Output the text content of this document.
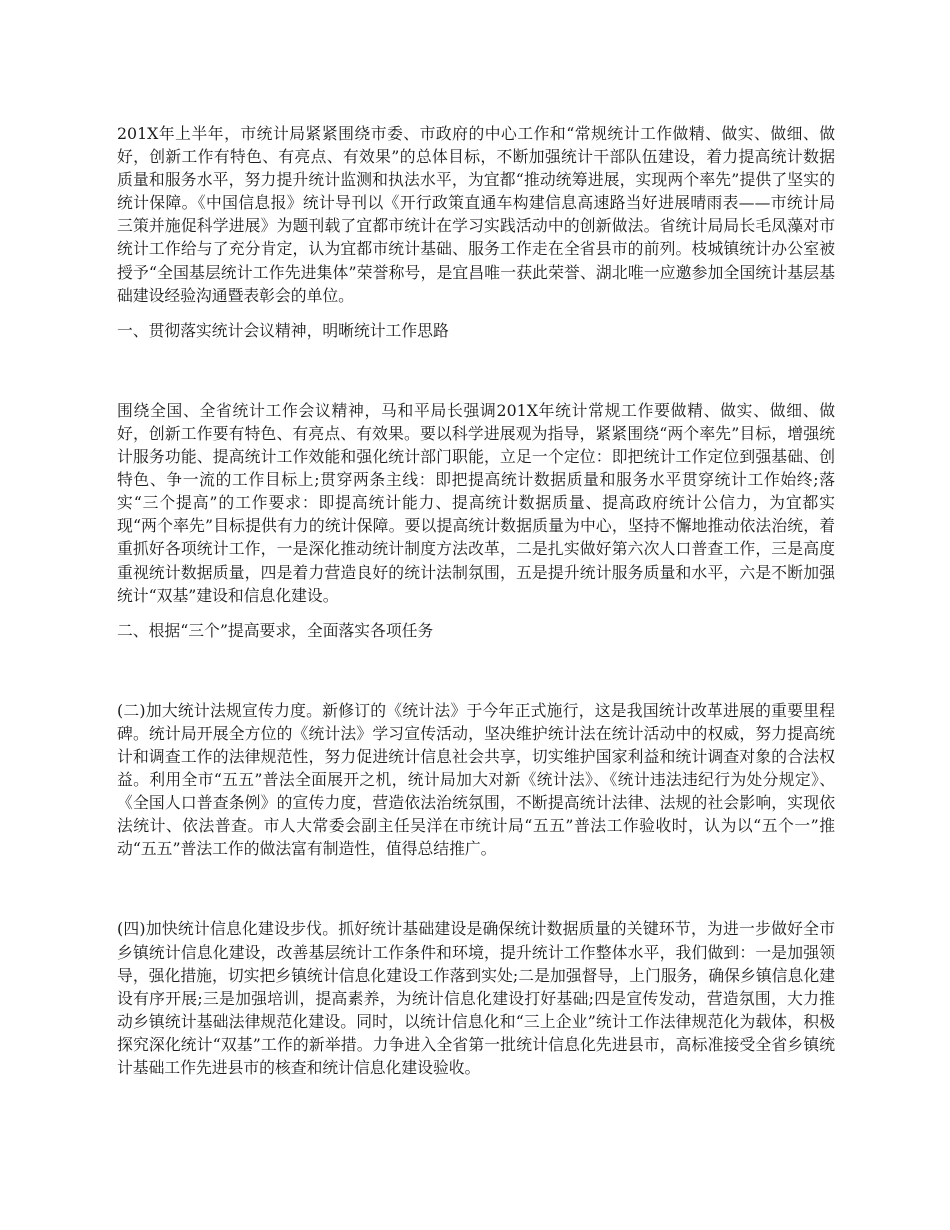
201X年上半年，市统计局紧紧围绕市委、市政府的中心工作和“常规统计工作做精、做实、做细、做好，创新工作有特色、有亮点、有效果”的总体目标，不断加强统计干部队伍建设，着力提高统计数据质量和服务水平，努力提升统计监测和执法水平，为宜都“推动统筹进展，实现两个率先”提供了坚实的统计保障。《中国信息报》统计导刊以《开行政策直通车构建信息高速路当好进展晴雨表——市统计局三策并施促科学进展》为题刊载了宜都市统计在学习实践活动中的创新做法。省统计局局长毛凤藻对市统计工作给与了充分肯定，认为宜都市统计基础、服务工作走在全省县市的前列。枝城镇统计办公室被授予“全国基层统计工作先进集体”荣誉称号，是宜昌唯一获此荣誉、湖北唯一应邀参加全国统计基层基础建设经验沟通暨表彰会的单位。

一、贯彻落实统计会议精神，明晰统计工作思路

围绕全国、全省统计工作会议精神，马和平局长强调201X年统计常规工作要做精、做实、做细、做好，创新工作要有特色、有亮点、有效果。要以科学进展观为指导，紧紧围绕“两个率先”目标，增强统计服务功能、提高统计工作效能和强化统计部门职能，立足一个定位：即把统计工作定位到强基础、创特色、争一流的工作目标上;贯穿两条主线：即把提高统计数据质量和服务水平贯穿统计工作始终;落实“三个提高”的工作要求：即提高统计能力、提高统计数据质量、提高政府统计公信力，为宜都实现“两个率先”目标提供有力的统计保障。要以提高统计数据质量为中心，坚持不懈地推动依法治统，着重抓好各项统计工作，一是深化推动统计制度方法改革，二是扎实做好第六次人口普查工作，三是高度重视统计数据质量，四是着力营造良好的统计法制氛围，五是提升统计服务质量和水平，六是不断加强统计“双基”建设和信息化建设。

二、根据“三个”提高要求，全面落实各项任务

(二)加大统计法规宣传力度。新修订的《统计法》于今年正式施行，这是我国统计改革进展的重要里程碑。统计局开展全方位的《统计法》学习宣传活动，坚决维护统计法在统计活动中的权威，努力提高统计和调查工作的法律规范性，努力促进统计信息社会共享，切实维护国家利益和统计调查对象的合法权益。利用全市“五五”普法全面展开之机，统计局加大对新《统计法》、《统计违法违纪行为处分规定》、《全国人口普查条例》的宣传力度，营造依法治统氛围，不断提高统计法律、法规的社会影响，实现依法统计、依法普查。市人大常委会副主任吴洋在市统计局“五五”普法工作验收时，认为以“五个一”推动“五五”普法工作的做法富有制造性，值得总结推广。

(四)加快统计信息化建设步伐。抓好统计基础建设是确保统计数据质量的关键环节，为进一步做好全市乡镇统计信息化建设，改善基层统计工作条件和环境，提升统计工作整体水平，我们做到：一是加强领导，强化措施，切实把乡镇统计信息化建设工作落到实处;二是加强督导，上门服务，确保乡镇信息化建设有序开展;三是加强培训，提高素养，为统计信息化建设打好基础;四是宣传发动，营造氛围，大力推动乡镇统计基础法律规范化建设。同时，以统计信息化和“三上企业”统计工作法律规范化为载体，积极探究深化统计“双基”工作的新举措。力争进入全省第一批统计信息化先进县市，高标准接受全省乡镇统计基础工作先进县市的核查和统计信息化建设验收。
